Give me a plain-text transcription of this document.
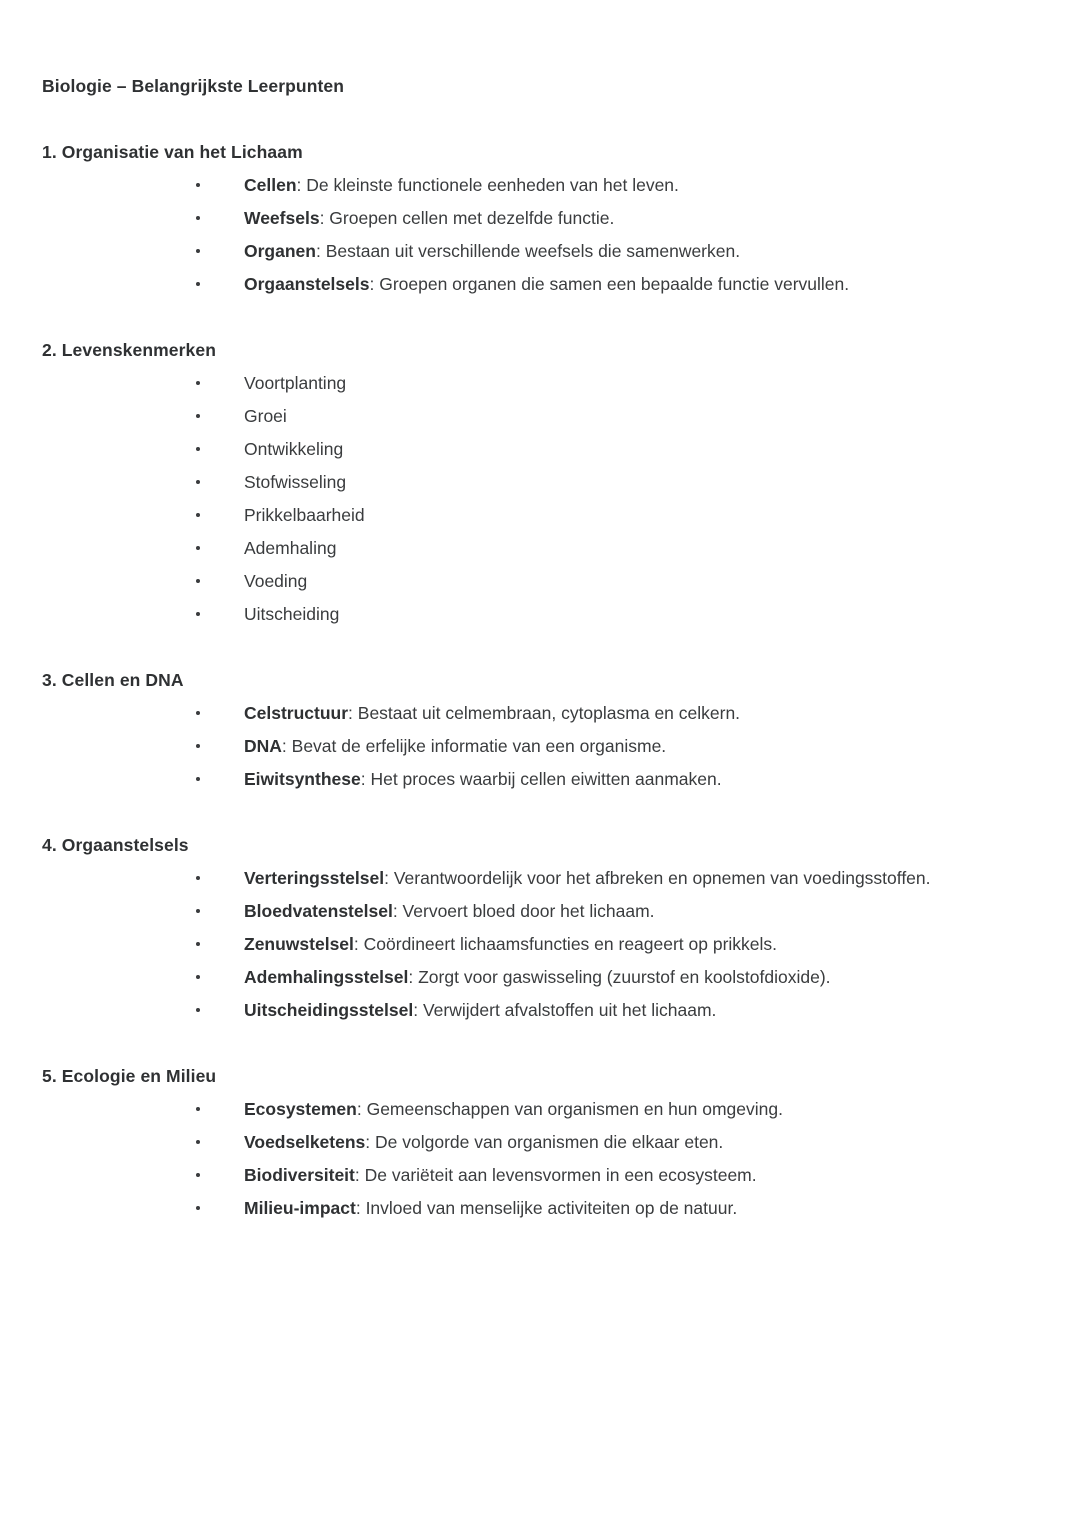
Biologie – Belangrijkste Leerpunten
1. Organisatie van het Lichaam
Cellen: De kleinste functionele eenheden van het leven.
Weefsels: Groepen cellen met dezelfde functie.
Organen: Bestaan uit verschillende weefsels die samenwerken.
Orgaanstelsels: Groepen organen die samen een bepaalde functie vervullen.
2. Levenskenmerken
Voortplanting
Groei
Ontwikkeling
Stofwisseling
Prikkelbaarheid
Ademhaling
Voeding
Uitscheiding
3. Cellen en DNA
Celstructuur: Bestaat uit celmembraan, cytoplasma en celkern.
DNA: Bevat de erfelijke informatie van een organisme.
Eiwitsynthese: Het proces waarbij cellen eiwitten aanmaken.
4. Orgaanstelsels
Verteringsstelsel: Verantwoordelijk voor het afbreken en opnemen van voedingsstoffen.
Bloedvatenstelsel: Vervoert bloed door het lichaam.
Zenuwstelsel: Coördineert lichaamsfuncties en reageert op prikkels.
Ademhalingsstelsel: Zorgt voor gaswisseling (zuurstof en koolstofdioxide).
Uitscheidingsstelsel: Verwijdert afvalstoffen uit het lichaam.
5. Ecologie en Milieu
Ecosystemen: Gemeenschappen van organismen en hun omgeving.
Voedselketens: De volgorde van organismen die elkaar eten.
Biodiversiteit: De variëteit aan levensvormen in een ecosysteem.
Milieu-impact: Invloed van menselijke activiteiten op de natuur.
